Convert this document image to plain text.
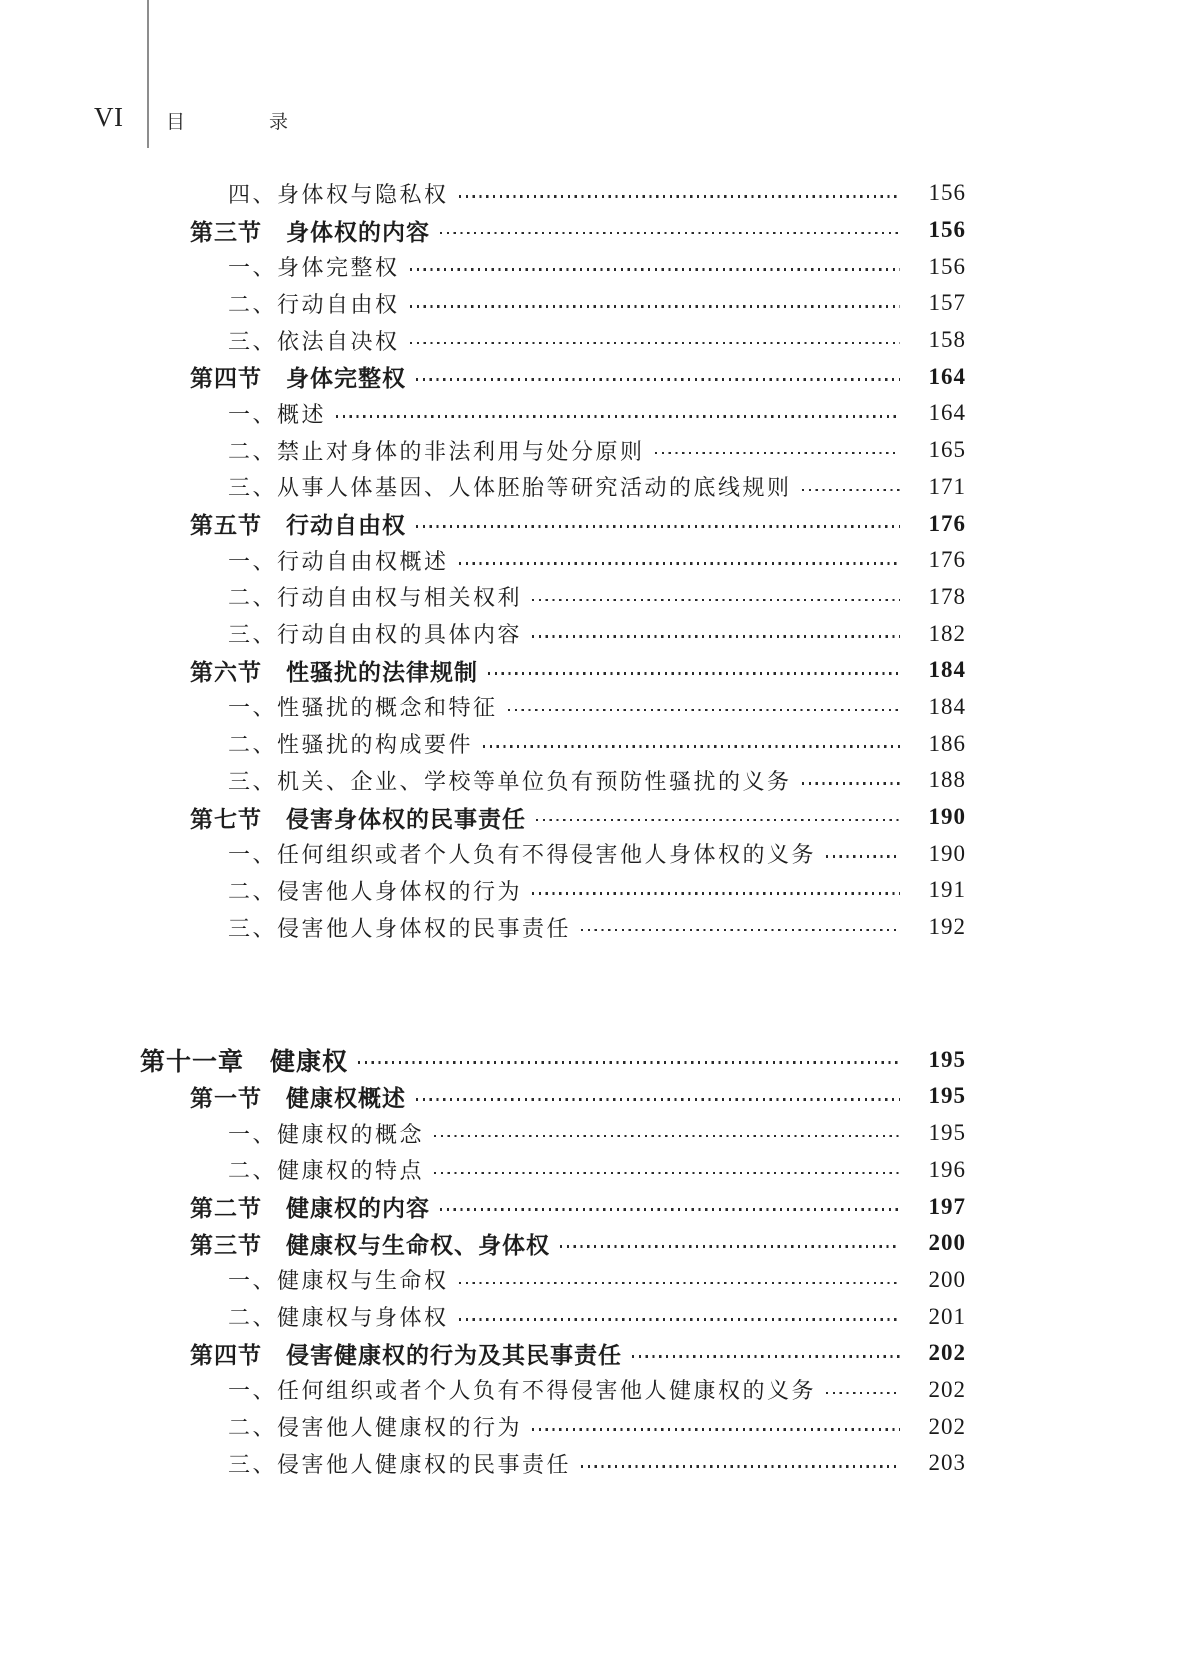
VI 目录
四、身体权与隐私权	156
第三节　身体权的内容	156
一、身体完整权	156
二、行动自由权	157
三、依法自决权	158
第四节　身体完整权	164
一、概述	164
二、禁止对身体的非法利用与处分原则	165
三、从事人体基因、人体胚胎等研究活动的底线规则	171
第五节　行动自由权	176
一、行动自由权概述	176
二、行动自由权与相关权利	178
三、行动自由权的具体内容	182
第六节　性骚扰的法律规制	184
一、性骚扰的概念和特征	184
二、性骚扰的构成要件	186
三、机关、企业、学校等单位负有预防性骚扰的义务	188
第七节　侵害身体权的民事责任	190
一、任何组织或者个人负有不得侵害他人身体权的义务	190
二、侵害他人身体权的行为	191
三、侵害他人身体权的民事责任	192
第十一章　健康权	195
第一节　健康权概述	195
一、健康权的概念	195
二、健康权的特点	196
第二节　健康权的内容	197
第三节　健康权与生命权、身体权	200
一、健康权与生命权	200
二、健康权与身体权	201
第四节　侵害健康权的行为及其民事责任	202
一、任何组织或者个人负有不得侵害他人健康权的义务	202
二、侵害他人健康权的行为	202
三、侵害他人健康权的民事责任	203
